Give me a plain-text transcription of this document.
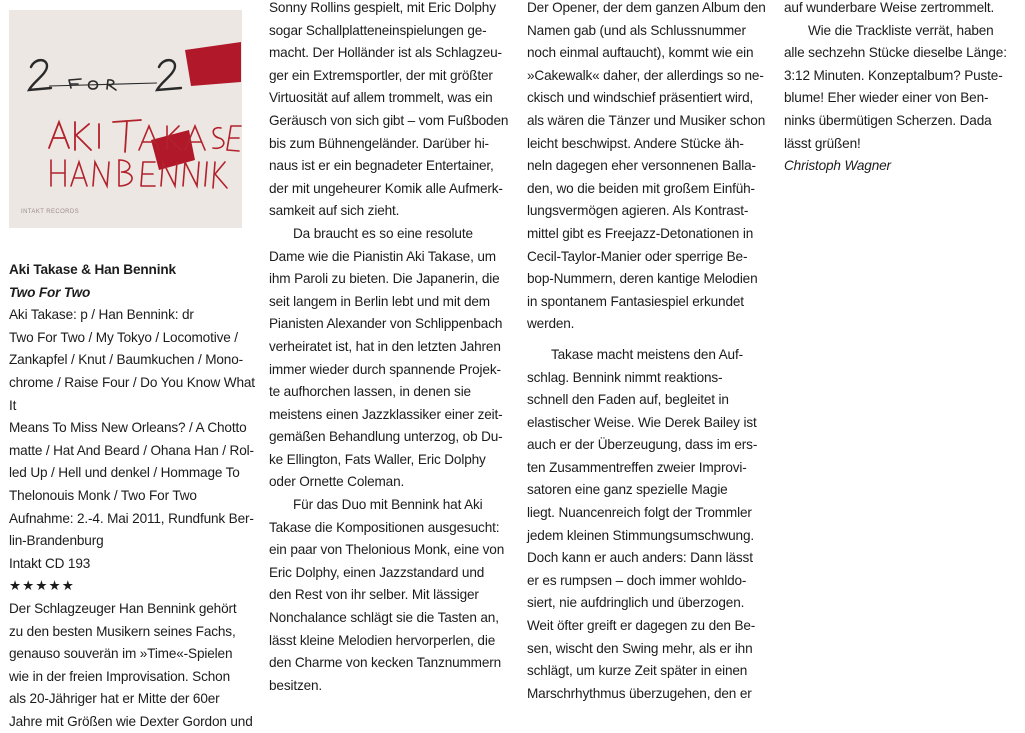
INTAKT RECORDS

Aki Takase & Han Bennink

Two For Two

Aki Takase: p / Han Bennink: dr

Two For Two / My Tokyo / Locomotive /

Zankapfel / Knut / Baumkuchen / Mono-

chrome / Raise Four / Do You Know What It

Means To Miss New Orleans? / A Chotto

matte / Hat And Beard / Ohana Han / Rol-

led Up / Hell und denkel / Hommage To

Thelonouis Monk / Two For Two

Aufnahme: 2.-4. Mai 2011, Rundfunk Ber-

lin-Brandenburg

Intakt CD 193

★★★★★

Der Schlagzeuger Han Bennink gehört

zu den besten Musikern seines Fachs,

genauso souverän im »Time«-Spielen

wie in der freien Improvisation. Schon

als 20-Jähriger hat er Mitte der 60er

Jahre mit Größen wie Dexter Gordon und

Sonny Rollins gespielt, mit Eric Dolphy

sogar Schallplatteneinspielungen ge-

macht. Der Holländer ist als Schlagzeu-

ger ein Extremsportler, der mit größter

Virtuosität auf allem trommelt, was ein

Geräusch von sich gibt – vom Fußboden

bis zum Bühnengeländer. Darüber hi-

naus ist er ein begnadeter Entertainer,

der mit ungeheurer Komik alle Aufmerk-

samkeit auf sich zieht.

Da braucht es so eine resolute

Dame wie die Pianistin Aki Takase, um

ihm Paroli zu bieten. Die Japanerin, die

seit langem in Berlin lebt und mit dem

Pianisten Alexander von Schlippenbach

verheiratet ist, hat in den letzten Jahren

immer wieder durch spannende Projek-

te aufhorchen lassen, in denen sie

meistens einen Jazzklassiker einer zeit-

gemäßen Behandlung unterzog, ob Du-

ke Ellington, Fats Waller, Eric Dolphy

oder Ornette Coleman.

Für das Duo mit Bennink hat Aki

Takase die Kompositionen ausgesucht:

ein paar von Thelonious Monk, eine von

Eric Dolphy, einen Jazzstandard und

den Rest von ihr selber. Mit lässiger

Nonchalance schlägt sie die Tasten an,

lässt kleine Melodien hervorperlen, die

den Charme von kecken Tanznummern

besitzen.

Der Opener, der dem ganzen Album den

Namen gab (und als Schlussnummer

noch einmal auftaucht), kommt wie ein

»Cakewalk« daher, der allerdings so ne-

ckisch und windschief präsentiert wird,

als wären die Tänzer und Musiker schon

leicht beschwipst. Andere Stücke äh-

neln dagegen eher versonnenen Balla-

den, wo die beiden mit großem Einfüh-

lungsvermögen agieren. Als Kontrast-

mittel gibt es Freejazz-Detonationen in

Cecil-Taylor-Manier oder sperrige Be-

bop-Nummern, deren kantige Melodien

in spontanem Fantasiespiel erkundet

werden.

Takase macht meistens den Auf-

schlag. Bennink nimmt reaktions-

schnell den Faden auf, begleitet in

elastischer Weise. Wie Derek Bailey ist

auch er der Überzeugung, dass im ers-

ten Zusammentreffen zweier Improvi-

satoren eine ganz spezielle Magie

liegt. Nuancenreich folgt der Trommler

jedem kleinen Stimmungsumschwung.

Doch kann er auch anders: Dann lässt

er es rumpsen – doch immer wohldo-

siert, nie aufdringlich und überzogen.

Weit öfter greift er dagegen zu den Be-

sen, wischt den Swing mehr, als er ihn

schlägt, um kurze Zeit später in einen

Marschrhythmus überzugehen, den er

auf wunderbare Weise zertrommelt.

Wie die Trackliste verrät, haben

alle sechzehn Stücke dieselbe Länge:

3:12 Minuten. Konzeptalbum? Puste-

blume! Eher wieder einer von Ben-

ninks übermütigen Scherzen. Dada

lässt grüßen!

Christoph Wagner
